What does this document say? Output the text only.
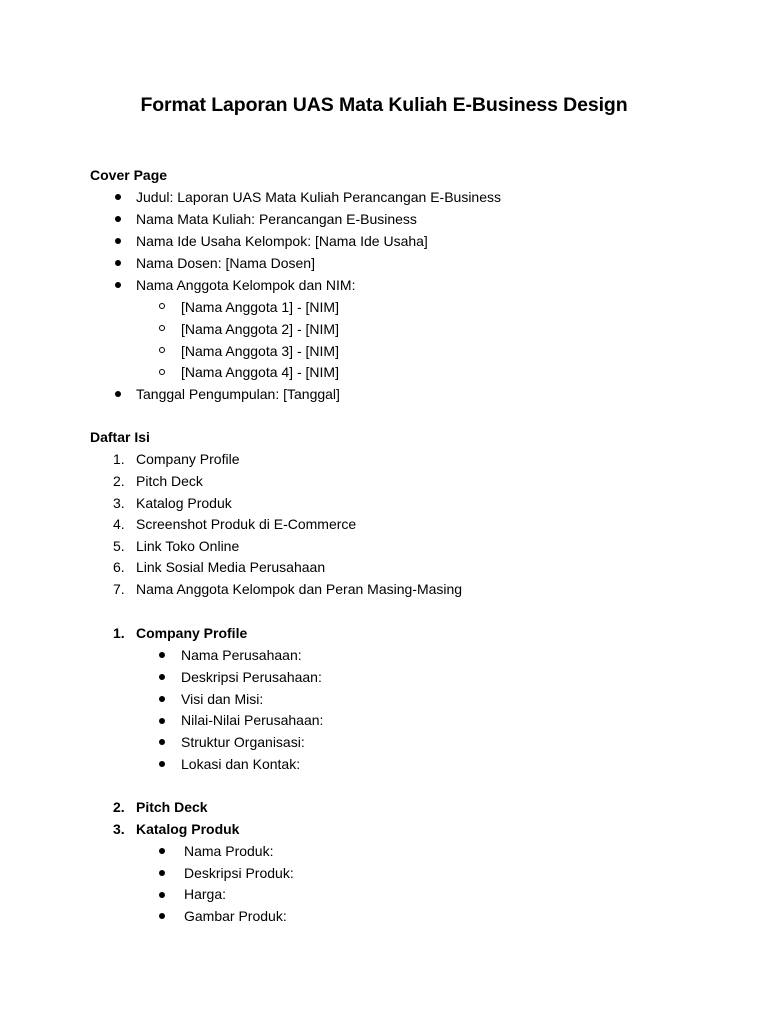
Format Laporan UAS Mata Kuliah E-Business Design
Cover Page
Judul: Laporan UAS Mata Kuliah Perancangan E-Business
Nama Mata Kuliah: Perancangan E-Business
Nama Ide Usaha Kelompok: [Nama Ide Usaha]
Nama Dosen: [Nama Dosen]
Nama Anggota Kelompok dan NIM:
[Nama Anggota 1] - [NIM]
[Nama Anggota 2] - [NIM]
[Nama Anggota 3] - [NIM]
[Nama Anggota 4] - [NIM]
Tanggal Pengumpulan: [Tanggal]
Daftar Isi
1. Company Profile
2. Pitch Deck
3. Katalog Produk
4. Screenshot Produk di E-Commerce
5. Link Toko Online
6. Link Sosial Media Perusahaan
7. Nama Anggota Kelompok dan Peran Masing-Masing
1. Company Profile
Nama Perusahaan:
Deskripsi Perusahaan:
Visi dan Misi:
Nilai-Nilai Perusahaan:
Struktur Organisasi:
Lokasi dan Kontak:
2. Pitch Deck
3. Katalog Produk
Nama Produk:
Deskripsi Produk:
Harga:
Gambar Produk:
